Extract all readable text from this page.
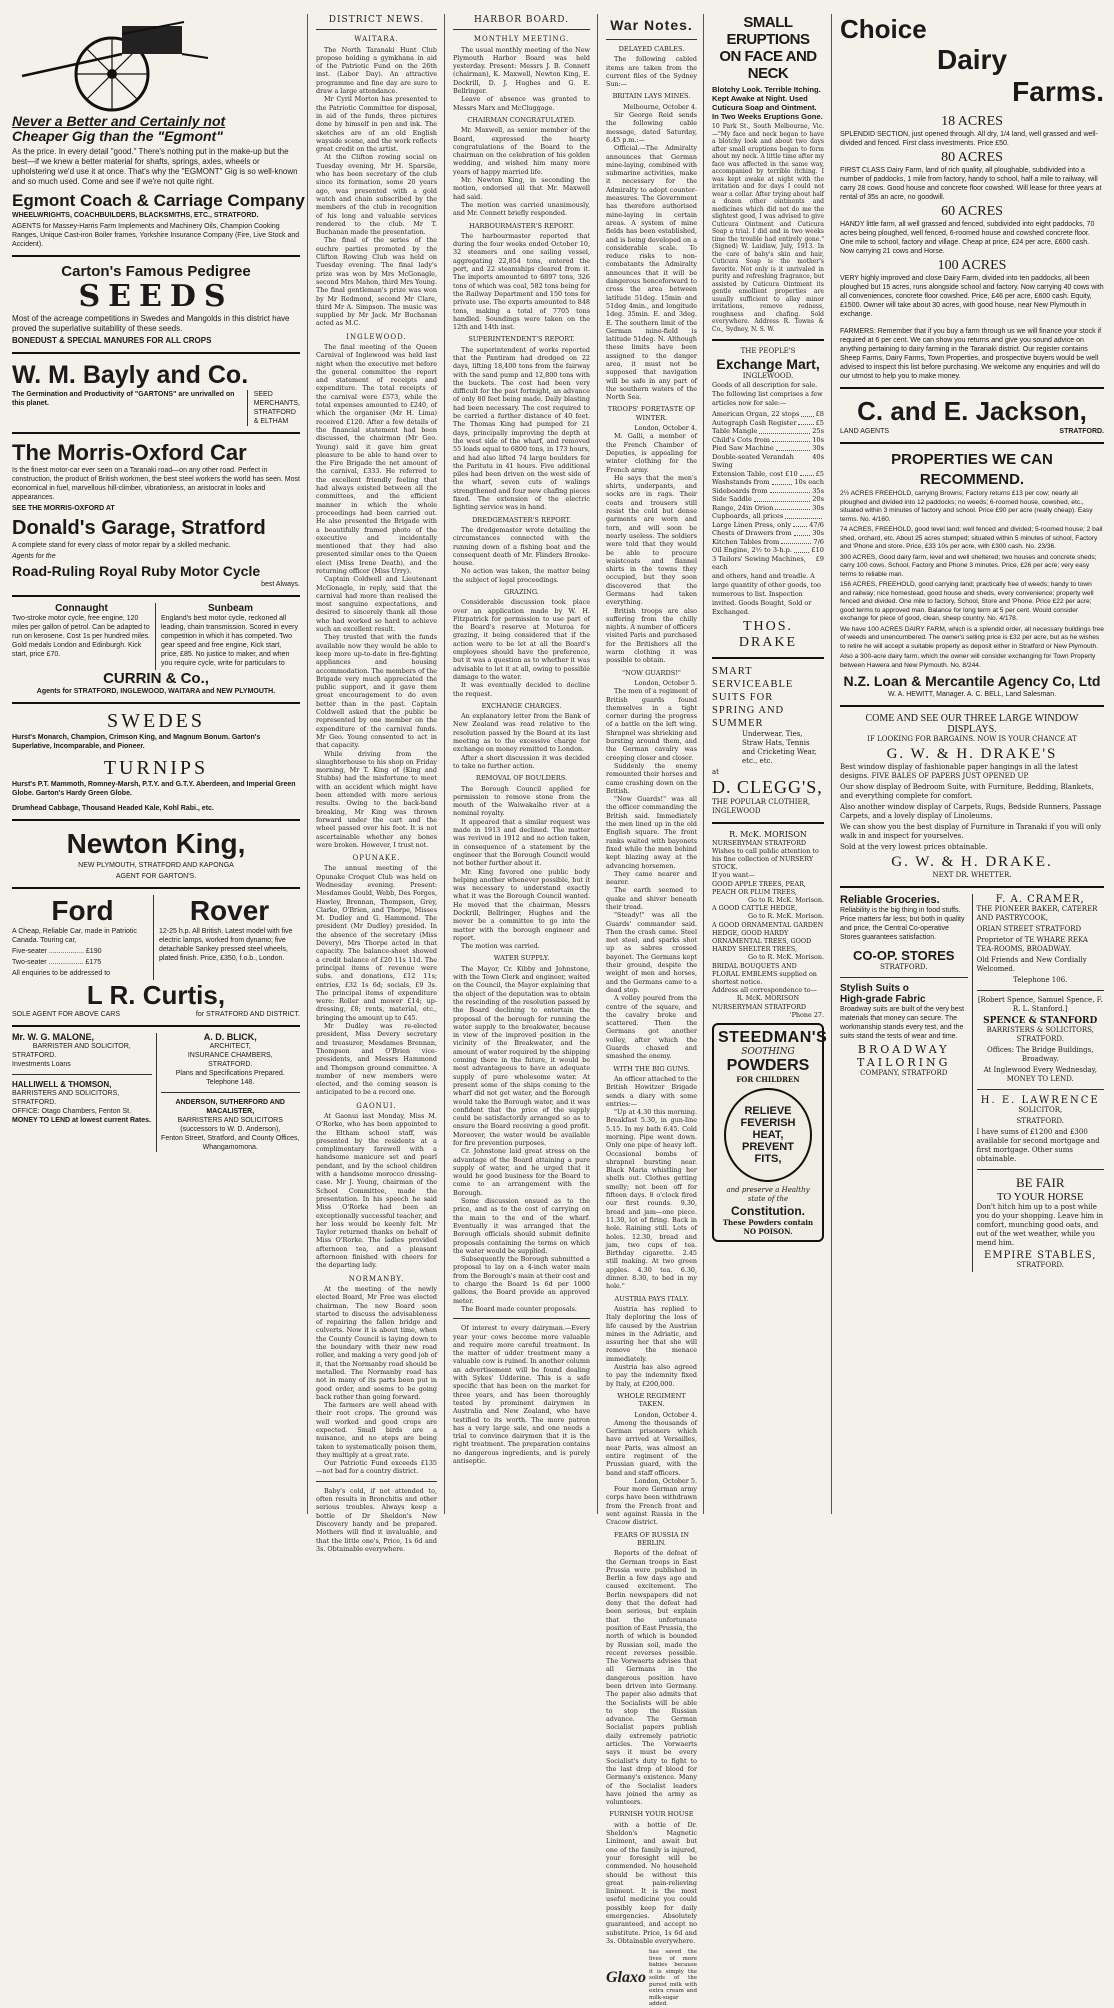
Never a Better and Certainly not
Cheaper Gig than the "Egmont"

As the price. In every detail "good." There's nothing put in the make-up but the best—if we knew a better material for shafts, springs, axles, wheels or upholstering we'd use it at once. That's why the "EGMONT" Gig is so well-known and so much used. Come and see if we're not quite right.

Egmont Coach & Carriage Company

WHEELWRIGHTS, COACHBUILDERS, BLACKSMITHS, ETC., STRATFORD.

AGENTS for Massey-Harris Farm Implements and Machinery Oils, Champion Cooking Ranges, Unique Cast-iron Boiler frames, Yorkshire Insurance Company (Fire, Live Stock and Accident).

Carton's Famous Pedigree
SEEDS

Most of the acreage competitions in Swedes and Mangolds in this district have proved the superlative suitability of these seeds.

BONEDUST & SPECIAL MANURES FOR ALL CROPS

W. M. Bayly and Co.

The Germination and Productivity of "GARTONS" are unrivalled on this planet.

SEED MERCHANTS,
STRATFORD & ELTHAM
The Morris-Oxford Car

Is the finest motor-car ever seen on a Taranaki road—on any other road. Perfect in construction, the product of British workmen, the best steel workers the world has seen. Most economical in fuel, marvellous hill-climber, vibrationless, an aristocrat in looks and appearances.

SEE THE MORRIS-OXFORD AT

Donald's Garage, Stratford

A complete stand for every class of motor repair by a skilled mechanic.

Agents for the

Road-Ruling Royal Ruby Motor Cycle

best Always.

Connaught

Two-stroke motor cycle, free engine, 120 miles per gallon of petrol. Can be adapted to run on kerosene. Cost 1s per hundred miles. Gold medals London and Edinburgh. Kick start, price £70.

Sunbeam

England's best motor cycle, reckoned all leading, chain transmission. Scored in every competition in which it has competed. Two gear speed and free engine, Kick start, price, £85. No justice to maker, and when you require cycle, write for particulars to

CURRIN & Co.,

Agents for STRATFORD, INGLEWOOD, WAITARA and NEW PLYMOUTH.

SWEDES

Hurst's Monarch, Champion, Crimson King, and Magnum Bonum. Garton's Superlative, Incomparable, and Pioneer.

TURNIPS

Hurst's P.T. Mammoth, Romney-Marsh, P.T.Y. and G.T.Y. Aberdeen, and Imperial Green Globe. Garton's Hardy Green Globe.

Drumhead Cabbage, Thousand Headed Kale, Kohl Rabi., etc.

Newton King,

NEW PLYMOUTH, STRATFORD AND KAPONGA

AGENT FOR GARTON'S.

Ford

A Cheap, Reliable Car, made in Patriotic Canada. Touring car,

Five-seater .................. £190

Two-seater .................. £175

All enquiries to be addressed to

Rover

12-25 h.p. All British. Latest model with five electric lamps, worked from dynamo; five detachable Sankey pressed steel wheels, plated finish. Price, £350, f.o.b., London.

L R. Curtis,
SOLE AGENT FOR ABOVE CARS	for STRATFORD AND DISTRICT.
Mr. W. G. MALONE,
BARRISTER AND SOLICITOR,
STRATFORD.
Investments Loans
HALLIWELL & THOMSON,
BARRISTERS AND SOLICITORS, STRATFORD.
OFFICE: Otago Chambers, Fenton St.
MONEY TO LEND at lowest current Rates.
A. D. BLICK,
ARCHITECT,
INSURANCE CHAMBERS,
STRATFORD.
Plans and Specifications Prepared.
Telephone 148.
ANDERSON, SUTHERFORD AND MACALISTER,
BARRISTERS AND SOLICITORS
(successors to W. D. Anderson),
Fenton Street, Stratford, and County Offices, Whangamomona.
DISTRICT NEWS.
WAITARA.

The North Taranaki Hunt Club propose holding a gymkhana in aid of the Patriotic Fund on the 26th inst. (Labor Day). An attractive programme and fine day are sure to draw a large attendance.

Mr Cyril Morton has presented to the Patriotic Committee for disposal, in aid of the funds, three pictures done by himself in pen and ink. The sketches are of an old English wayside scene, and the work reflects great credit on the artist.

At the Clifton rowing social on Tuesday evening, Mr H. Sparsile, who has been secretary of the club since its formation, some 20 years ago, was presented with a gold watch and chain subscribed by the members of the club in recognition of his long and valuable services rendered to the club. Mr T. Buchanan made the presentation.

The final of the series of the euchre parties promoted by the Clifton Rowing Club was held on Tuesday evening. The final lady's prize was won by Mrs McGonagle, second Mrs Mahon, third Mrs Young. The final gentleman's prize was won by Mr Redmond, second Mr Clare, third Mr A. Simpson. The music was supplied by Mr Jack. Mr Buchanan acted as M.C.

INGLEWOOD.

The final meeting of the Queen Carnival of Inglewood was held last night when the executive met before the general committee the report and statement of receipts and expenditure. The total receipts of the carnival were £573, while the total expenses amounted to £240, of which the organiser (Mr H. Lima) received £120. After a few details of the financial statement had been discussed, the chairman (Mr Geo. Young) said it gave him great pleasure to be able to hand over to the Fire Brigade the net amount of the carnival, £333. He referred to the excellent friendly feeling that had always existed between all the committees, and the efficient manner in which the whole proceedings had been carried out. He also presented the Brigade with a beautifully framed photo of the executive and incidentally mentioned that they had also presented similar ones to the Queen elect (Miss Irene Death), and the returning officer (Miss Urry).

Captain Coldwell and Lieutenant McGonagle, in reply, said that the carnival had more than realised the most sanguine expectations, and desired to sincerely thank all those who had worked so hard to achieve such an excellent result.

They trusted that with the funds available now they would be able to keep more up-to-date in fire-fighting appliances and housing accommodation. The members of the Brigade very much appreciated the public support, and it gave them great encouragement to do even better than in the past. Captain Coldwell asked that the public be represented by one member on the expenditure of the carnival funds. Mr Geo. Young consented to act in that capacity.

While driving from the slaughterhouse to his shop on Friday morning, Mr T. King of (King and Stubbs) had the misfortune to meet with an accident which might have been attended with more serious results. Owing to the back-band breaking, Mr King was thrown forward under the cart and the wheel passed over his foot. It is not ascertainable whether any bones were broken. However, I trust not.

OPUNAKE.

The annual meeting of the Opunake Croquet Club was held on Wednesday evening. Present: Mesdames Gould, Webb, Des Forges, Hawley, Brennan, Thompson, Grey, Clarke, O'Brien, and Thorpe, Misses M. Dudley and G. Hammond. The president (Mr Dudley) presided. In the absence of the secretary (Miss Devery), Mrs Thorpe acted in that capacity. The balance-sheet showed a credit balance of £20 11s 11d. The principal items of revenue were subs. and donations, £12 11s; entries, £32 1s 6d; socials, £9 3s. The principal items of expenditure were: Roller and mower £14; up-dressing, £8; rents, material, etc., bringing the amount up to £45.

Mr Dudley was re-elected president, Miss Devery secretary and treasurer, Mesdames Brennan, Thompson and O'Brien vice-presidents, and Messrs Hammond and Thompson ground committee. A number of new members were elected, and the coming season is anticipated to be a record one.

GAONUI.

At Gaonui last Monday, Miss M. O'Rorke, who has been appointed to the Eltham school staff, was presented by the residents at a complimentary farewell with a handsome manicure set and pearl pendant, and by the school children with a handsome morocco dressing-case. Mr J. Young, chairman of the School Committee, made the presentation. In his speech he said Miss O'Rorke had been an exceptionally successful teacher, and her loss would be keenly felt. Mr Taylor returned thanks on behalf of Miss O'Rorke. The ladies provided afternoon tea, and a pleasant afternoon finished with cheers for the departing lady.

NORMANBY.

At the meeting of the newly elected Board, Mr Free was elected chairman. The new Board soon started to discuss the advisableness of repairing the fallen bridge and culverts. Now it is about time, when the County Council is laying down to the boundary with their new road roller, and making a very good job of it, that the Normanby road should be metalled. The Normanby road has not in many of its parts been put in good order, and seems to be going back rather than going forward.

The farmers are well ahead with their root crops. The ground was well worked and good crops are expected. Small birds are a nuisance, and no steps are being taken to systematically poison them, they multiply at a great rate.

Our Patriotic Fund exceeds £135—not bad for a country district.

Baby's cold, if not attended to, often results in Bronchitis and other serious troubles. Always keep a bottle of Dr Sheldon's New Discovery handy and be prepared. Mothers will find it invaluable, and that the little one's, Price, 1s 6d and 3s. Obtainable everywhere.

HARBOR BOARD.
MONTHLY MEETING.

The usual monthly meeting of the New Plymouth Harbor Board was held yesterday. Present: Messrs J. B. Connett (chairman), K. Maxwell, Newton King, E. Dockrill, D. J. Hughes and G. E. Bellringer.

Leave of absence was granted to Messrs Marx and McCluggage.

CHAIRMAN CONGRATULATED.

Mr. Maxwell, as senior member of the Board, expressed the hearty congratulations of the Board to the chairman on the celebration of his golden wedding, and wished him many more years of happy married life.

Mr. Newton King, in seconding the motion, endorsed all that Mr. Maxwell had said.

The motion was carried unanimously, and Mr. Connett briefly responded.

HARBOURMASTER'S REPORT.

The harbourmaster reported that during the four weeks ended October 10, 32 steamers and one sailing vessel, aggregating 22,854 tons, entered the port, and 22 steamships cleared from it. The imports amounted to 6897 tons, 326 tons of which was coal, 582 tons being for the Railway Department and 150 tons for private use. The exports amounted to 848 tons, making a total of 7705 tons handled. Soundings were taken on the 12th and 14th inst.

SUPERINTENDENT'S REPORT.

The superintendent of works reported that the Pantiram had dredged on 22 days, lifting 18,400 tons from the fairway with the sand pump and 12,800 tons with the buckets. The cost had been very difficult for the past fortnight, an advance of only 80 feet being made. Daily blasting had been necessary. The cost required to be carried a further distance of 40 feet. The Thomas King had pumped for 21 days, principally improving the depth at the west side of the wharf, and removed 55 loads equal to 6800 tons, in 173 hours, and had also lifted 74 large boulders for the Paritutu in 41 hours. Five additional piles had been driven on the west side of the wharf, seven cuts of walings strengthened and four new chafing pieces fixed. The extension of the electric lighting service was in hand.

DREDGEMASTER'S REPORT.

The dredgemaster wrote detailing the circumstances connected with the running down of a fishing boat and the consequent death of Mr. Flinders Brooke-house.

No action was taken, the matter being the subject of legal proceedings.

GRAZING.

Considerable discussion took place over an application made by W. H. Fitzpatrick for permission to use part of the Board's reserve at Moturoa for grazing, it being considered that if the action were to be let at all the Board's employees should have the preference, but it was a question as to whether it was advisable to let it at all, owing to possible damage to the water.

It was eventually decided to decline the request.

EXCHANGE CHARGES.

An explanatory letter from the Bank of New Zealand was read relative to the resolution passed by the Board at its last meeting as to the excessive charge for exchange on money remitted to London.

After a short discussion it was decided to take no further action.

REMOVAL OF BOULDERS.

The Borough Council applied for permission to remove stone from the mouth of the Waiwakaiho river at a nominal royalty.

It appeared that a similar request was made in 1913 and declined. The matter was revived in 1912 and no action taken, in consequence of a statement by the engineer that the Borough Council would not bother further about it.

Mr. King favored one public body helping another whenever possible, but it was necessary to understand exactly what it was the Borough Council wanted. He moved that the chairman, Messrs Dockrill, Bellringer, Hughes and the mover be a committee to go into the matter with the borough engineer and report.

The motion was carried.

WATER SUPPLY.

The Mayor, Cr. Kibby and Johnstone, with the Town Clerk and engineer, waited on the Council, the Mayor explaining that the object of the deputation was to obtain the rescinding of the resolution passed by the Board declining to entertain the proposal of the borough for running the water supply to the breakwater, because in view of the improved position in the vicinity of the Breakwater, and the amount of water required by the shipping coming there in the future, it would be most advantageous to have an adequate supply of pure wholesome water. At present some of the ships coming to the wharf did not get water, and the Borough would take the Borough water, and it was confident that the price of the supply could be satisfactorily arranged so as to ensure the Board receiving a good profit. Moreover, the water would be available for fire prevention purposes.

Cr. Johnstone laid great stress on the advantage of the Board attaining a pure supply of water, and he urged that it would be good business for the Board to come to an arrangement with the Borough.

Some discussion ensued as to the price, and as to the cost of carrying on the main to the end of the wharf. Eventually it was arranged that the Borough officials should submit definite proposals containing the terms on which the water would be supplied.

Subsequently the Borough submitted a proposal to lay on a 4-inch water main from the Borough's main at their cost and to charge the Board 1s 6d per 1000 gallons, the Board provide an approved meter.

The Board made counter proposals.

Of interest to every dairyman.—Every year your cows become more valuable and require more careful treatment. In the matter of udder treatment many a valuable cow is ruined. In another column an advertisement will be found dealing with Sykes' Udderine. This is a safe specific that has been on the market for three years, and has been thoroughly tested by prominent dairymen in Australia and New Zealand, who have testified to its worth. The more patron has a very large sale, and one needs a trial to convince dairymen that it is the right treatment. The preparation contains no dangerous ingredients, and is purely antiseptic.

War Notes.
DELAYED CABLES.

The following cabled items are taken from the current files of the Sydney Sun:—

BRITAIN LAYS MINES.

Melbourne, October 4.

Sir George Reid sends the following cable message, dated Saturday, 6.45 p.m.:—

Official.—The Admiralty announces that German mine-laying, combined with submarine activities, make it necessary for the Admiralty to adopt counter-measures. The Government has therefore authorised mine-laying in certain areas. A system of mine fields has been established, and is being developed on a considerable scale. To reduce risks to non-combatants the Admiralty announces that it will be dangerous henceforward to cross the area between latitude 51deg. 15min and 51deg 4min., and longitude 1deg. 35min. E. and 3deg. E. The southern limit of the German mine-field is latitude 51deg. N. Although these limits have been assigned to the danger area, it must not be supposed that navigation will be safe in any part of the southern waters of the North Sea.

TROOPS' FORETASTE OF WINTER.

London, October 4.

M. Galli, a member of the French Chamber of Deputies, is appealing for winter clothing for the French army.

He says that the men's shirts, underpants, and socks are in rags. Their coats and trousers still resist the cold but dense garments are worn and torn, and will soon be nearly useless. The soldiers were told that they would be able to procure waistcoats and flannel shirts in the towns they occupied, but they soon discovered that the Germans had taken everything.

British troops are also suffering from the chilly nights. A number of officers visited Paris and purchased for the Britishers all the warm clothing it was possible to obtain.

"NOW GUARDS!"

London, October 5.

The men of a regiment of British guards found themselves in a tight corner during the progress of a battle on the left wing. Shrapnel was shrieking and bursting around them, and the German cavalry was creeping closer and closer.

Suddenly the enemy remounted their horses and came crashing down on the British.

"Now Guards!" was all the officer commanding the British said. Immediately the men lined up in the old English square. The front ranks waited with bayonets fixed while the men behind kept blazing away at the advancing horsemen.

They came nearer and nearer.

The earth seemed to quake and shiver beneath their tread.

"Steady!" was all the Guards' commander said. Then the crash came. Steel met steel, and sparks shot up as sabres crossed bayonet. The Germans kept their ground, despite the weight of men and horses, and the Germans came to a dead stop.

A volley poured from the centre of the square, and the cavalry broke and scattered. Then the Germans got another volley, after which the Guards chased and smashed the enemy.

WITH THE BIG GUNS.

An officer attached to the British Howitzer Brigade sends a diary with some entries:—

"Up at 4.30 this morning. Breakfast 5.30, in gun-line 5.15. In my bath 6.45. Cold morning. Pipe went down. Only one pipe of heavy left. Occasional bombs of shrapnel bursting near. Black Maria whistling her shells out. Clothes getting smelly; not been off for fifteen days. 8 o'clock fired our first rounds. 9.30, bread and jam—one piece. 11.30, lot of firing. Back in hole. Raining still. Lots of holes. 12.30, bread and jam, two cups of tea. Birthday cigarette. 2.45 still making. At two green apples. 4.30 tea. 6.30, dinner. 8.30, to bed in my hole."

AUSTRIA PAYS ITALY.

Austria has replied to Italy deploring the loss of life caused by the Austrian mines in the Adriatic, and assuring her that she will remove the menace immediately.

Austria has also agreed to pay the indemnity fixed by Italy, at £200,000.

WHOLE REGIMENT TAKEN.

London, October 4.

Among the thousands of German prisoners which have arrived at Versailles, near Paris, was almost an entire regiment of the Prussian guard, with the band and staff officers.

London, October 5.

Four more German army corps have been withdrawn from the French front and sent against Russia in the Cracow district.

FEARS OF RUSSIA IN BERLIN.

Reports of the defeat of the German troops in East Prussia were published in Berlin a few days ago and caused excitement. The Berlin newspapers did not deny that the defeat had been serious, but explain that the unfortunate position of East Prussia, the north of which is bounded by Russian soil, made the recent reverses possible. The Vorwaerts advises that all Germans in the dangerous position have been driven into Germany. The paper also admits that the Socialists will be able to stop the Russian advance. The German Socialist papers publish daily extremely patriotic articles. The Vorwaerts says it must be every Socialist's duty to fight to the last drop of blood for Germany's existence. Many of the Socialist leaders have joined the army as volunteers.

FURNISH YOUR HOUSE

with a bottle of Dr. Sheldon's Magnetic Liniment, and await but one of the family is injured, your foresight will be commended. No household should be without this great pain-relieving liniment. It is the most useful medicine you could possibly keep for daily emergencies. Absolutely guaranteed, and accept no substitute. Price, 1s 6d and 3s. Obtainable everywhere.

Glaxo
has saved the lives of more babies because it is simply the solids of the purest milk with extra cream and milk-sugar added.
SMALL ERUPTIONS
ON FACE AND NECK

Blotchy Look. Terrible Itching. Kept Awake at Night. Used Cuticura Soap and Ointment. In Two Weeks Eruptions Gone.

10 Park St., South Melbourne, Vic.—"My face and neck began to have a blotchy look and about two days after small eruptions began to form about my neck. A little time after my face was affected in the same way, accompanied by terrible itching. I was kept awake at night with the irritation and for days I could not wear a collar. After trying about half a dozen other ointments and medicines which did not do me the slightest good, I was advised to give Cuticura Ointment and Cuticura Soap a trial. I did and in two weeks time the trouble had entirely gone." (Signed) W. Laidlaw, July, 1913. In the care of baby's skin and hair, Cuticura Soap is the mother's favorite. Not only is it unrivaled in purity and refreshing fragrance, but assisted by Cuticura Ointment its gentle emollient properties are usually sufficient to allay minor irritations, remove redness, roughness and chafing. Sold everywhere. Address R. Towns & Co., Sydney, N. S. W.

THE PEOPLE'S
Exchange Mart,
INGLEWOOD.

Goods of all description for sale. The following list comprises a few articles now for sale:—

American Organ, 22 stops £8
Autograph Cash Register	£5
Table Mangle	25s
Child's Cots from	10s
Pied Saw Machine	30s
Double-seated Verandah Swing
40s
Extension Table, cost £10	£5
Washstands from	10s each
Sideboards from	35s
Side Saddle	20s
Range, 24in Orion	30s
Cupboards, all prices
Large Linen Press, only	47/6
Chests of Drawers from	30s
Kitchen Tables from	7/6
Oil Engine, 2½ to 3-h.p.	£10
3 Tailors' Sewing Machines, each
£9

and others, hand and treadle. A large quantity of other goods, too numerous to list. Inspection invited. Goods Bought, Sold or Exchanged.

THOS. DRAKE
SMART
SERVICEABLE
SUITS FOR
SPRING AND
SUMMER

Underwear, Ties, Straw Hats, Tennis and Cricketing Wear, etc., etc.

at
D. CLEGG'S,
THE POPULAR CLOTHIER, INGLEWOOD
R. McK. MORISON
NURSERYMAN STRATFORD
Wishes to call public attention to his fine collection of NURSERY STOCK.
If you want—
GOOD APPLE TREES, PEAR, PEACH OR PLUM TREES,
Go to R. McK. Morison.
A GOOD CATTLE HEDGE,
Go to R. McK. Morison.
A GOOD ORNAMENTAL GARDEN HEDGE, GOOD HARDY ORNAMENTAL TREES, GOOD HARDY SHELTER TREES,
Go to R. McK. Morison.
BRIDAL BOUQUETS AND FLORAL EMBLEMS supplied on shortest notice.
Address all correspondence to—
R. McK. MORISON
NURSERYMAN STRATFORD
'Phone 27.
STEEDMAN'S
SOOTHING
POWDERS
FOR CHILDREN
RELIEVE
FEVERISH
HEAT,
PREVENT
FITS,
and preserve a Healthy state of the
Constitution.
These Powders contain NO POISON.
Choice
Dairy
Farms.
18 ACRES

SPLENDID SECTION, just opened through. All dry, 1/4 land, well grassed and well-divided and fenced. First class investments. Price £50.

80 ACRES

FIRST CLASS Dairy Farm, land of rich quality, all ploughable, subdivided into a number of paddocks, 1 mile from factory, handy to school, half a mile to railway, will carry 28 cows. Good house and concrete floor cowshed. Will lease for three years at rental of 35s an acre, no goodwill.

60 ACRES

HANDY little farm, all well grassed and fenced, subdivided into eight paddocks, 70 acres being ploughed, well fenced, 6-roomed house and cowshed concrete floor. One mile to school, factory and village. Cheap at price, £24 per acre, £600 cash. Now carrying 21 cows and Horse.

100 ACRES

VERY highly improved and close Dairy Farm, divided into ten paddocks, all been ploughed but 15 acres, runs alongside school and factory. Now carrying 40 cows with all conveniences, concrete floor cowshed. Price, £46 per acre, £600 cash. Equity, £1500. Owner will take about 30 acres, with good house, near New Plymouth in exchange.

FARMERS: Remember that if you buy a farm through us we will finance your stock if required at 6 per cent. We can show you returns and give you sound advice on anything pertaining to dairy farming in the Taranaki district. Our register contains Sheep Farms, Dairy Farms, Town Properties, and prospective buyers would be well advised to inspect this list before purchasing. We welcome any enquiries and will do our utmost to help you to make money.

C. and E. Jackson,
LAND AGENTS	STRATFORD.
PROPERTIES WE CAN RECOMMEND.

2½ ACRES FREEHOLD, carrying Browns; Factory returns £13 per cow; nearly all ploughed and divided into 12 paddocks; no weeds; 6-roomed house, cowshed, etc., situated within 3 minutes of factory and school. Price £90 per acre (really cheap). Easy terms. No. 4/160.

74 ACRES, FREEHOLD, good level land; well fenced and divided; 5-roomed house; 2 bail shed, orchard, etc. About 25 acres stumped; situated within 5 minutes of school, Factory and 'Phone and store. Price, £33 10s per acre, with £300 cash. No. 23/36.

300 ACRES, Good dairy farm, level and well sheltered; two houses and concrete sheds; carry 100 cows. School, Factory and Phone 3 minutes. Price, £26 per acre; very easy terms to reliable man.

156 ACRES, FREEHOLD, good carrying land; practically free of weeds; handy to town and railway; nice homestead, good house and sheds, every convenience; property well fenced and divided. One mile to factory, School, Store and 'Phone. Price £22 per acre; good terms to approved man. Balance for long term at 5 per cent. Would consider exchange for piece of good, clean, sheep country. No. 4/178.

We have 100 ACRES DAIRY FARM, which is a splendid order, all necessary buildings free of weeds and unencumbered. The owner's selling price is £32 per acre, but as he wishes to retire he will accept a suitable property as deposit either in Stratford or New Plymouth.

Also a 300-acre dairy farm, which the owner will consider exchanging for Town Property between Hawera and New Plymouth. No. 8/244.

N.Z. Loan & Mercantile Agency Co, Ltd

W. A. HEWITT, Manager. A. C. BELL, Land Salesman.

COME AND SEE OUR THREE LARGE WINDOW DISPLAYS.

IF LOOKING FOR BARGAINS. NOW IS YOUR CHANCE AT

G. W. & H. DRAKE'S

Best window display of fashionable paper hangings in all the latest designs. FIVE BALES OF PAPERS JUST OPENED UP.

Our show display of Bedroom Suite, with Furniture, Bedding, Blankets, and everything complete for comfort.

Also another window display of Carpets, Rugs, Bedside Runners, Passage Carpets, and a lovely display of Linoleums.

We can show you the best display of Furniture in Taranaki if you will only walk in and inspect for yourselves.

Sold at the very lowest prices obtainable.

G. W. & H. DRAKE.

NEXT DR. WHETTER.

Reliable Groceries.

Reliability is the big thing in food stuffs. Price matters far less; but both in quality and price, the Central Co-operative Stores guarantees satisfaction.

CO-OP. STORES

STRATFORD.

Stylish Suits o
High-grade Fabric

Broadway suits are built of the very best materials that money can secure. The workmanship stands every test, and the suits stand the tests of wear and time.

BROADWAY
TAILORING
COMPANY, STRATFORD
F. A. CRAMER,

THE PIONEER BAKER, CATERER AND PASTRYCOOK,

ORIAN STREET STRATFORD

Proprietor of TE WHARE REKA TEA-ROOMS, BROADWAY.

Old Friends and New Cordially Welcomed.

Telephone 106.

[Robert Spence, Samuel Spence, F. R. L. Stanford.]

SPENCE & STANFORD

BARRISTERS & SOLICITORS, STRATFORD.

Offices: The Bridge Buildings, Broadway.

At Inglewood Every Wednesday, MONEY TO LEND.

H. E. LAWRENCE

SOLICITOR,

STRATFORD.

I have sums of £1200 and £300 available for second mortgage and first mortgage. Other sums obtainable.

BE FAIR
TO YOUR HORSE

Don't hitch him up to a post while you do your shopping. Leave him in comfort, munching good oats, and out of the wet weather, while you mend him.

EMPIRE STABLES,

STRATFORD.
